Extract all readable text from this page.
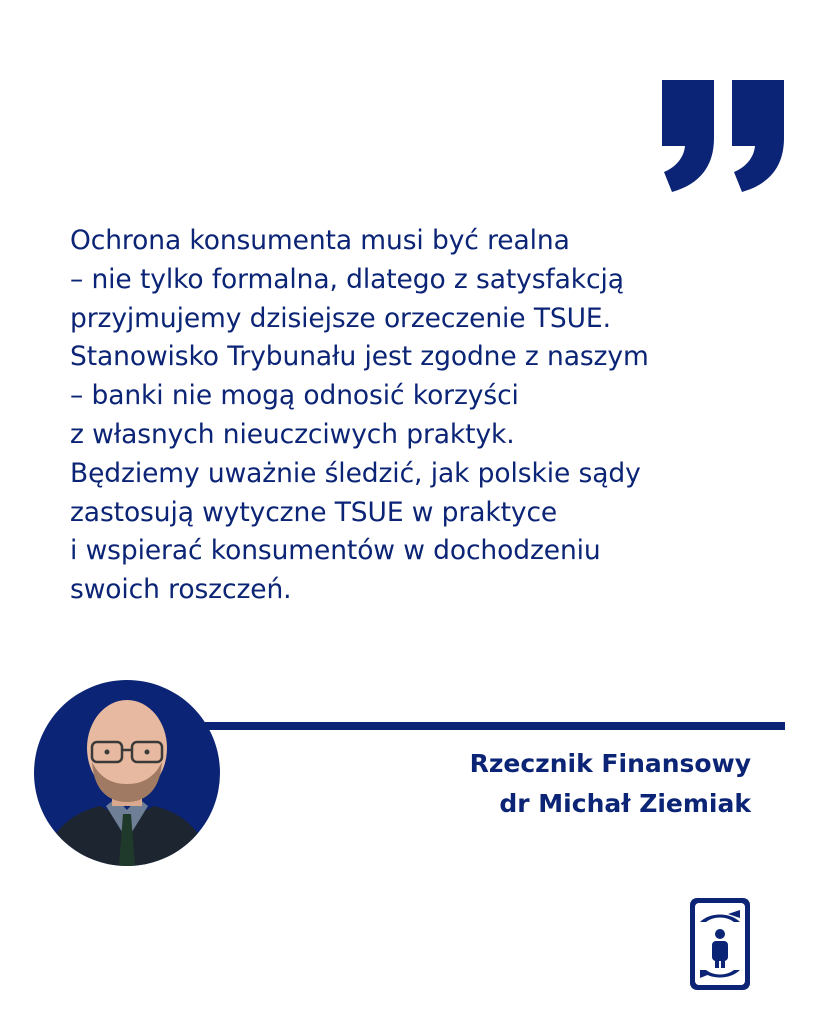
Ochrona konsumenta musi być realna
– nie tylko formalna, dlatego z satysfakcją
przyjmujemy dzisiejsze orzeczenie TSUE.
Stanowisko Trybunału jest zgodne z naszym
– banki nie mogą odnosić korzyści
z własnych nieuczciwych praktyk.
Będziemy uważnie śledzić, jak polskie sądy
zastosują wytyczne TSUE w praktyce
i wspierać konsumentów w dochodzeniu
swoich roszczeń.

Rzecznik Finansowy
dr Michał Ziemiak
